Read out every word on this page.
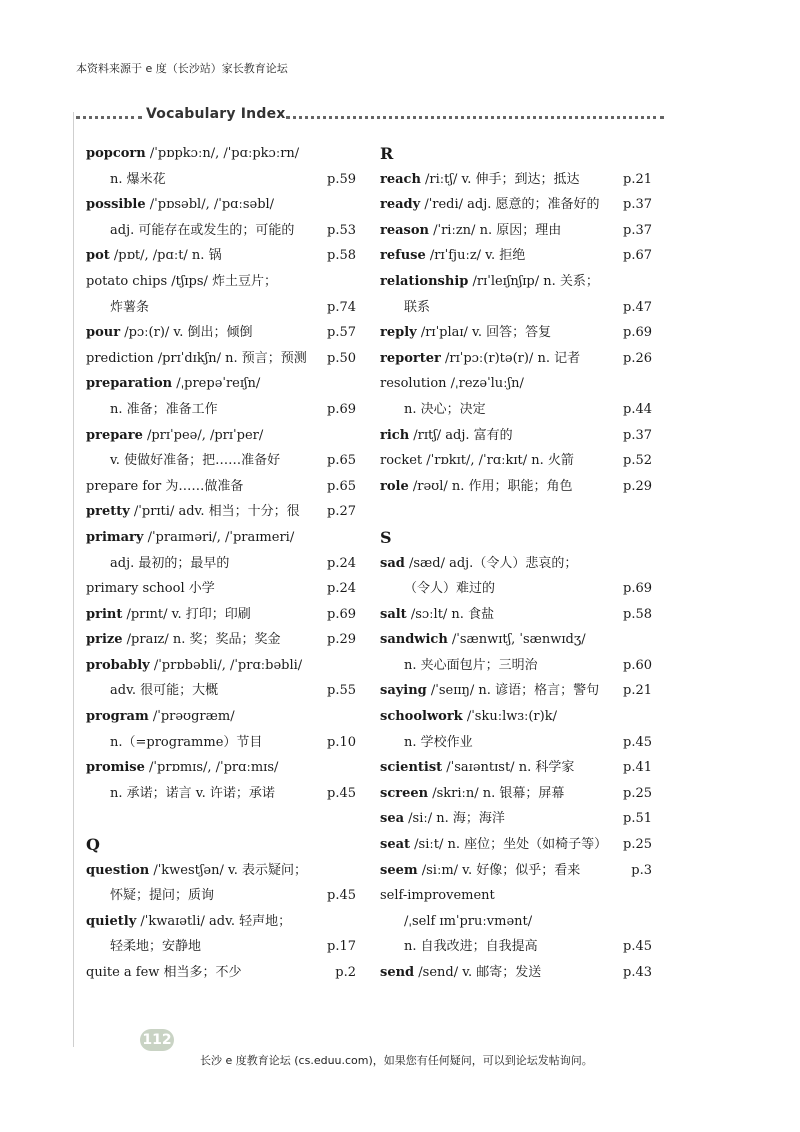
本资料来源于 e 度（长沙站）家长教育论坛
Vocabulary Index
popcorn /ˈpɒpkɔːn/, /ˈpɑːpkɔːrn/
n. 爆米花	p.59
possible /ˈpɒsəbl/, /ˈpɑːsəbl/
adj. 可能存在或发生的；可能的	p.53
pot /pɒt/, /pɑːt/ n. 锅	p.58
potato chips /tʃɪps/ 炸土豆片；
炸薯条	p.74
pour /pɔː(r)/ v. 倒出；倾倒	p.57
prediction /prɪˈdɪkʃn/ n. 预言；预测 p.50
preparation /ˌprepəˈreɪʃn/
n. 准备；准备工作	p.69
prepare /prɪˈpeə/, /prɪˈper/
v. 使做好准备；把……准备好	p.65
prepare for 为……做准备	p.65
pretty /ˈprɪti/ adv. 相当；十分；很 p.27
primary /ˈpraɪməri/, /ˈpraɪmeri/
adj. 最初的；最早的	p.24
primary school 小学	p.24
print /prɪnt/ v. 打印；印刷	p.69
prize /praɪz/ n. 奖；奖品；奖金	p.29
probably /ˈprɒbəbli/, /ˈprɑːbəbli/
adv. 很可能；大概	p.55
program /ˈprəʊgræm/
n.（=programme）节目	p.10
promise /ˈprɒmɪs/, /ˈprɑːmɪs/
n. 承诺；诺言 v. 许诺；承诺	p.45
Q
question /ˈkwestʃən/ v. 表示疑问；
怀疑；提问；质询	p.45
quietly /ˈkwaɪətli/ adv. 轻声地；
轻柔地；安静地	p.17
quite a few 相当多；不少	p.2
R
reach /riːtʃ/ v. 伸手；到达；抵达	p.21
ready /ˈredi/ adj. 愿意的；准备好的 p.37
reason /ˈriːzn/ n. 原因；理由	p.37
refuse /rɪˈfjuːz/ v. 拒绝	p.67
relationship /rɪˈleɪʃnʃɪp/ n. 关系；
联系	p.47
reply /rɪˈplaɪ/ v. 回答；答复	p.69
reporter /rɪˈpɔː(r)tə(r)/ n. 记者	p.26
resolution /ˌrezəˈluːʃn/
n. 决心；决定	p.44
rich /rɪtʃ/ adj. 富有的	p.37
rocket /ˈrɒkɪt/, /ˈrɑːkɪt/ n. 火箭	p.52
role /rəʊl/ n. 作用；职能；角色	p.29
S
sad /sæd/ adj.（令人）悲哀的；
（令人）难过的	p.69
salt /sɔːlt/ n. 食盐	p.58
sandwich /ˈsænwɪtʃ, ˈsænwɪdʒ/
n. 夹心面包片；三明治	p.60
saying /ˈseɪɪŋ/ n. 谚语；格言；警句 p.21
schoolwork /ˈskuːlwɜː(r)k/
n. 学校作业	p.45
scientist /ˈsaɪəntɪst/ n. 科学家	p.41
screen /skriːn/ n. 银幕；屏幕	p.25
sea /siː/ n. 海；海洋	p.51
seat /siːt/ n. 座位；坐处（如椅子等） p.25
seem /siːm/ v. 好像；似乎；看来	p.3
self-improvement
/ˌself ɪmˈpruːvmənt/
n. 自我改进；自我提高	p.45
send /send/ v. 邮寄；发送	p.43
112
长沙 e 度教育论坛 (cs.eduu.com)，如果您有任何疑问，可以到论坛发帖询问。
